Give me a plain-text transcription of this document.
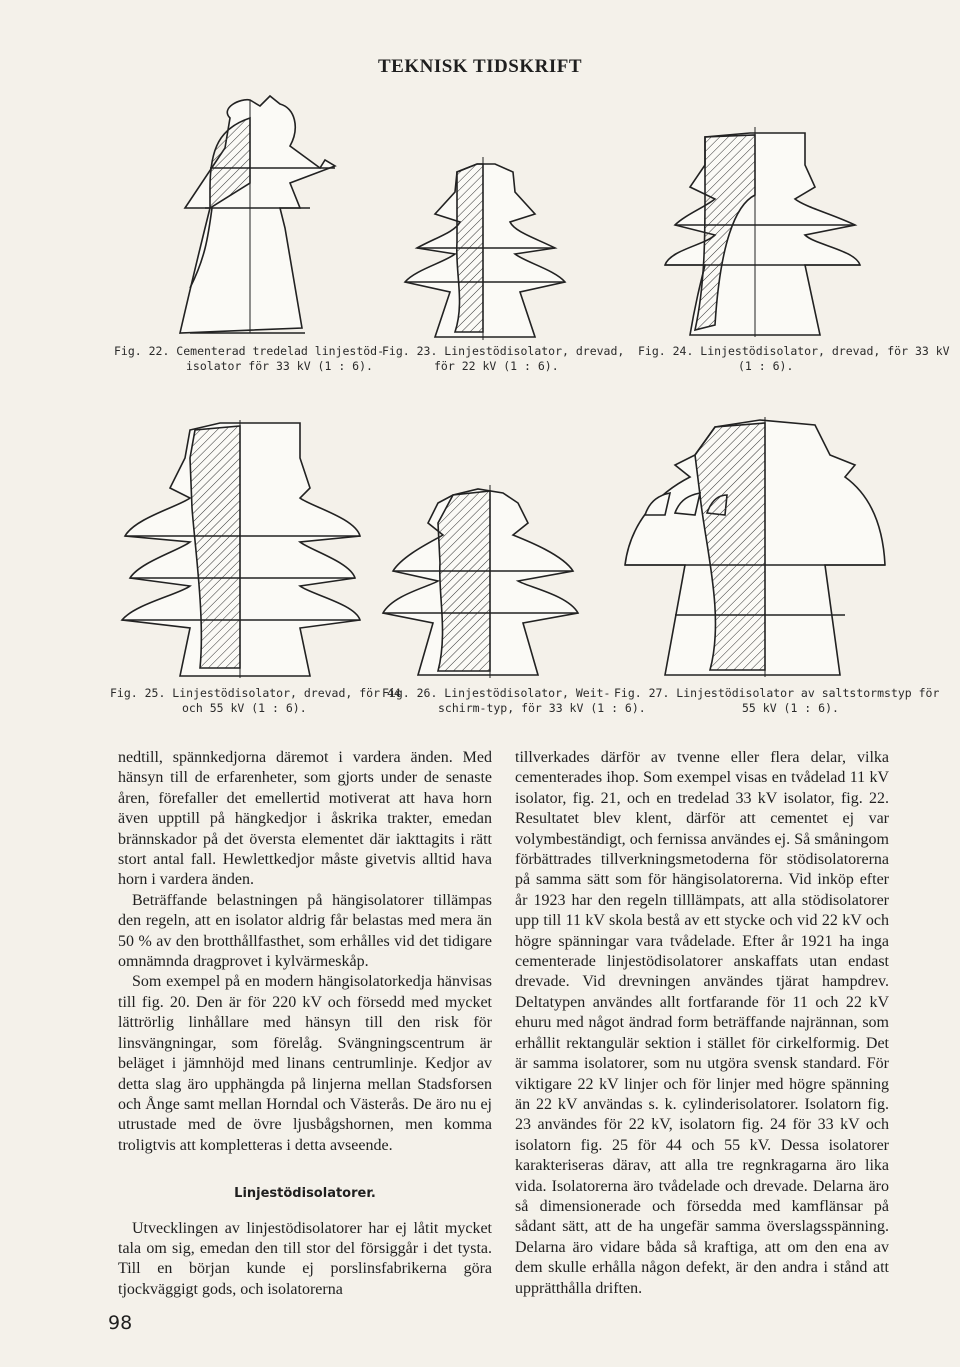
TEKNISK TIDSKRIFT
Fig. 22. Cementerad tredelad linjestöd-
isolator för 33 kV (1 : 6).
Fig. 23. Linjestödisolator, drevad,
för 22 kV (1 : 6).
Fig. 24. Linjestödisolator, drevad, för 33 kV
(1 : 6).
Fig. 25. Linjestödisolator, drevad, för 44
och 55 kV (1 : 6).
Fig. 26. Linjestödisolator, Weit-
schirm-typ, för 33 kV (1 : 6).
Fig. 27. Linjestödisolator av saltstormstyp för
55 kV (1 : 6).

nedtill, spännkedjorna däremot i vardera änden. Med hänsyn till de erfarenheter, som gjorts under de senaste åren, förefaller det emellertid motiverat att hava horn även upptill på hängkedjor i åskrika trakter, emedan brännskador på det översta elementet där iakttagits i rätt stort antal fall. Hewlettkedjor måste givetvis alltid hava horn i vardera änden.

Beträffande belastningen på hängisolatorer tillämpas den regeln, att en isolator aldrig får belastas med mera än 50 % av den brotthållfasthet, som erhålles vid det tidigare omnämnda dragprovet i kylvärmeskåp.

Som exempel på en modern hängisolatorkedja hänvisas till fig. 20. Den är för 220 kV och försedd med mycket lättrörlig linhållare med hänsyn till den risk för linsvängningar, som förelåg. Svängningscentrum är beläget i jämnhöjd med linans centrumlinje. Kedjor av detta slag äro upphängda på linjerna mellan Stadsforsen och Ånge samt mellan Horndal och Västerås. De äro nu ej utrustade med de övre ljusbågshornen, men komma troligtvis att kompletteras i detta avseende.

Linjestödisolatorer.

Utvecklingen av linjestödisolatorer har ej låtit mycket tala om sig, emedan den till stor del försiggår i det tysta. Till en början kunde ej porslinsfabrikerna göra tjockväggigt gods, och isolatorerna

tillverkades därför av tvenne eller flera delar, vilka cementerades ihop. Som exempel visas en tvådelad 11 kV isolator, fig. 21, och en tredelad 33 kV isolator, fig. 22. Resultatet blev klent, därför att cementet ej var volymbeständigt, och fernissa användes ej. Så småningom förbättrades tillverkningsmetoderna för stödisolatorerna på samma sätt som för hängisolatorerna. Vid inköp efter år 1923 har den regeln tilllämpats, att alla stödisolatorer upp till 11 kV skola bestå av ett stycke och vid 22 kV och högre spänningar vara tvådelade. Efter år 1921 ha inga cementerade linjestödisolatorer anskaffats utan endast drevade. Vid drevningen användes tjärat hampdrev. Deltatypen användes allt fortfarande för 11 och 22 kV ehuru med något ändrad form beträffande najrännan, som erhållit rektangulär sektion i stället för cirkelformig. Det är samma isolatorer, som nu utgöra svensk standard. För viktigare 22 kV linjer och för linjer med högre spänning än 22 kV användas s. k. cylinderisolatorer. Isolatorn fig. 23 användes för 22 kV, isolatorn fig. 24 för 33 kV och isolatorn fig. 25 för 44 och 55 kV. Dessa isolatorer karakteriseras därav, att alla tre regnkragarna äro lika vida. Isolatorerna äro tvådelade och drevade. Delarna äro så dimensionerade och försedda med kamflänsar på sådant sätt, att de ha ungefär samma överslagsspänning. Delarna äro vidare båda så kraftiga, att om den ena av dem skulle erhålla någon defekt, är den andra i stånd att upprätthålla driften.

98
